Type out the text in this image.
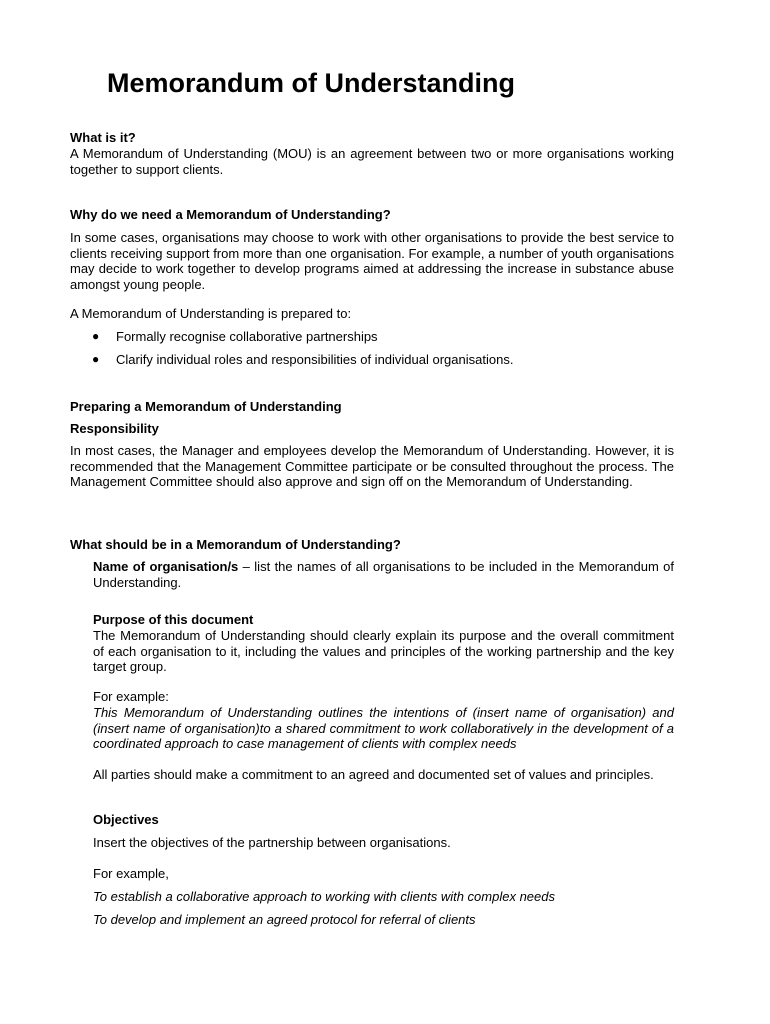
Memorandum of Understanding

What is it?

A Memorandum of Understanding (MOU) is an agreement between two or more organisations working together to support clients.

Why do we need a Memorandum of Understanding?

In some cases, organisations may choose to work with other organisations to provide the best service to clients receiving support from more than one organisation. For example, a number of youth organisations may decide to work together to develop programs aimed at addressing the increase in substance abuse amongst young people.

A Memorandum of Understanding is prepared to:

● Formally recognise collaborative partnerships
● Clarify individual roles and responsibilities of individual organisations.

Preparing a Memorandum of Understanding

Responsibility

In most cases, the Manager and employees develop the Memorandum of Understanding. However, it is recommended that the Management Committee participate or be consulted throughout the process. The Management Committee should also approve and sign off on the Memorandum of Understanding.

What should be in a Memorandum of Understanding?

Name of organisation/s – list the names of all organisations to be included in the Memorandum of Understanding.

Purpose of this document

The Memorandum of Understanding should clearly explain its purpose and the overall commitment of each organisation to it, including the values and principles of the working partnership and the key target group.

For example:

This Memorandum of Understanding outlines the intentions of (insert name of organisation) and (insert name of organisation)to a shared commitment to work collaboratively in the development of a coordinated approach to case management of clients with complex needs

All parties should make a commitment to an agreed and documented set of values and principles.

Objectives

Insert the objectives of the partnership between organisations.

For example,

To establish a collaborative approach to working with clients with complex needs

To develop and implement an agreed protocol for referral of clients
